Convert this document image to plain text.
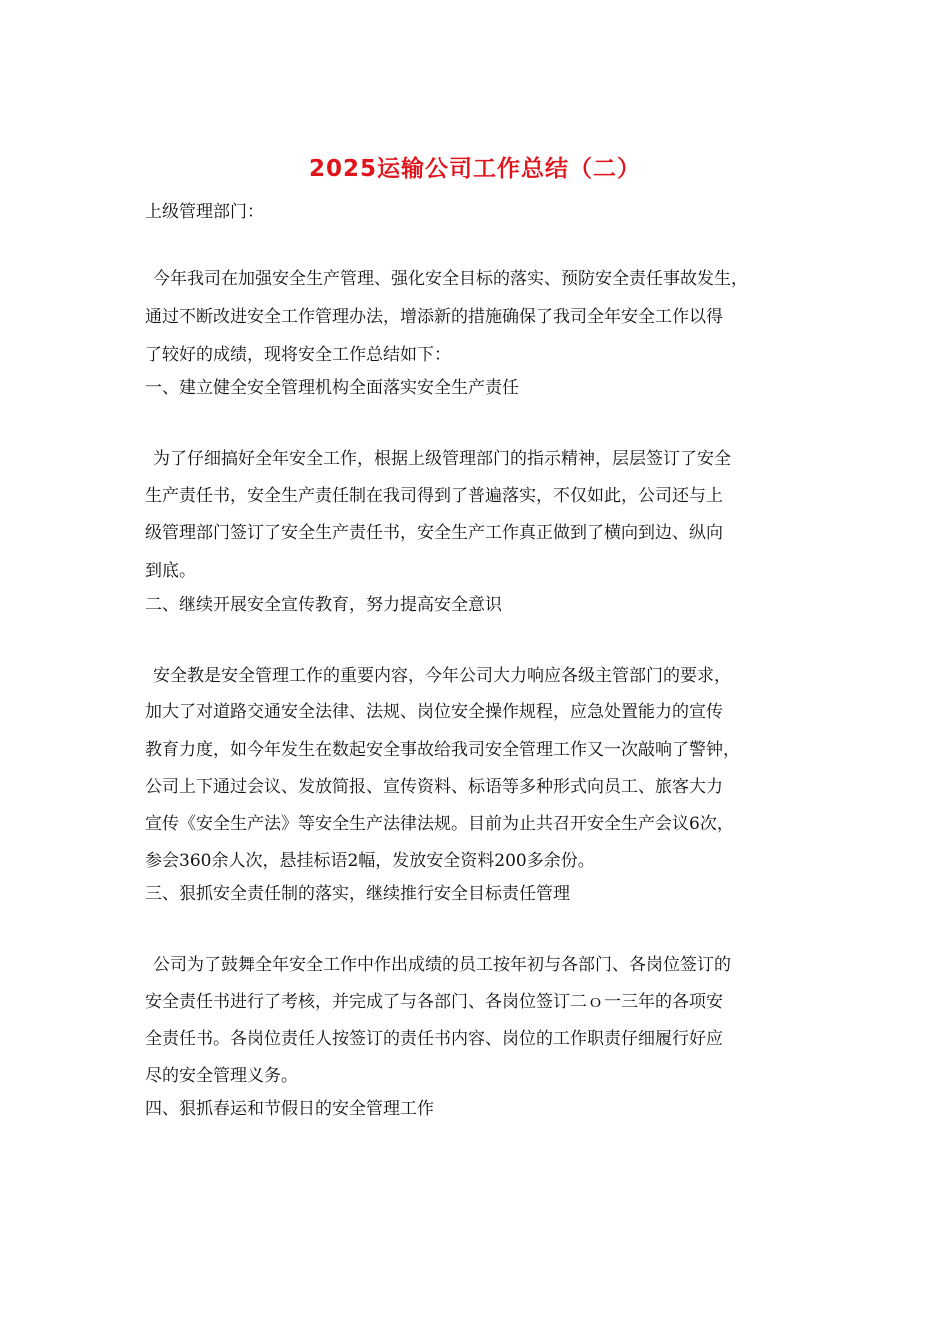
2025运输公司工作总结（二）
上级管理部门：
今年我司在加强安全生产管理、强化安全目标的落实、预防安全责任事故发生，
通过不断改进安全工作管理办法，增添新的措施确保了我司全年安全工作以得
了较好的成绩，现将安全工作总结如下：
一、建立健全安全管理机构全面落实安全生产责任
为了仔细搞好全年安全工作，根据上级管理部门的指示精神，层层签订了安全
生产责任书，安全生产责任制在我司得到了普遍落实，不仅如此，公司还与上
级管理部门签订了安全生产责任书，安全生产工作真正做到了横向到边、纵向
到底。
二、继续开展安全宣传教育，努力提高安全意识
安全教是安全管理工作的重要内容，今年公司大力响应各级主管部门的要求，
加大了对道路交通安全法律、法规、岗位安全操作规程，应急处置能力的宣传
教育力度，如今年发生在数起安全事故给我司安全管理工作又一次敲响了警钟，
公司上下通过会议、发放简报、宣传资料、标语等多种形式向员工、旅客大力
宣传《安全生产法》等安全生产法律法规。目前为止共召开安全生产会议6次，
参会360余人次，悬挂标语2幅，发放安全资料200多余份。
三、狠抓安全责任制的落实，继续推行安全目标责任管理
公司为了鼓舞全年安全工作中作出成绩的员工按年初与各部门、各岗位签订的
安全责任书进行了考核，并完成了与各部门、各岗位签订二ｏ一三年的各项安
全责任书。各岗位责任人按签订的责任书内容、岗位的工作职责仔细履行好应
尽的安全管理义务。
四、狠抓春运和节假日的安全管理工作
